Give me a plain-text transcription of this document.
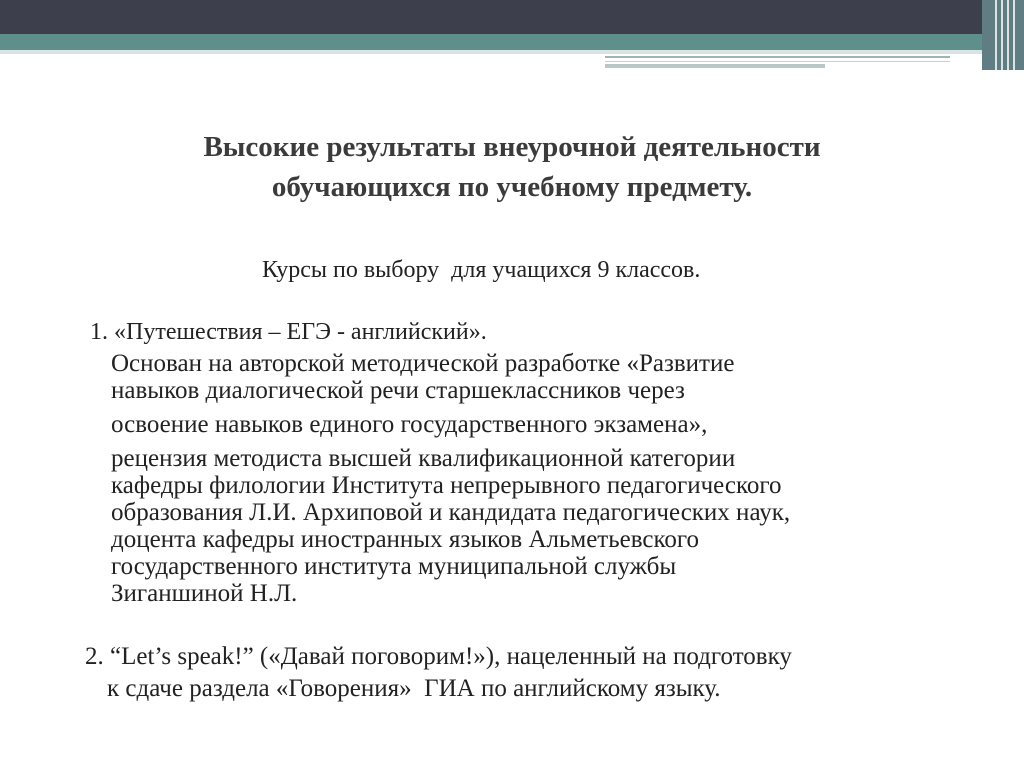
Высокие результаты внеурочной деятельности
обучающихся по учебному предмету.

Курсы по выбору  для учащихся 9 классов.

1. «Путешествия – ЕГЭ - английский».

Основан на авторской методической разработке «Развитие
навыков диалогической речи старшеклассников через
освоение навыков единого государственного экзамена»,
рецензия методиста высшей квалификационной категории
кафедры филологии Института непрерывного педагогического
образования Л.И. Архиповой и кандидата педагогических наук,
доцента кафедры иностранных языков Альметьевского
государственного института муниципальной службы
Зиганшиной Н.Л.
2. “Let’s speak!” («Давай поговорим!»), нацеленный на подготовку
к сдаче раздела «Говорения»  ГИА по английскому языку.
